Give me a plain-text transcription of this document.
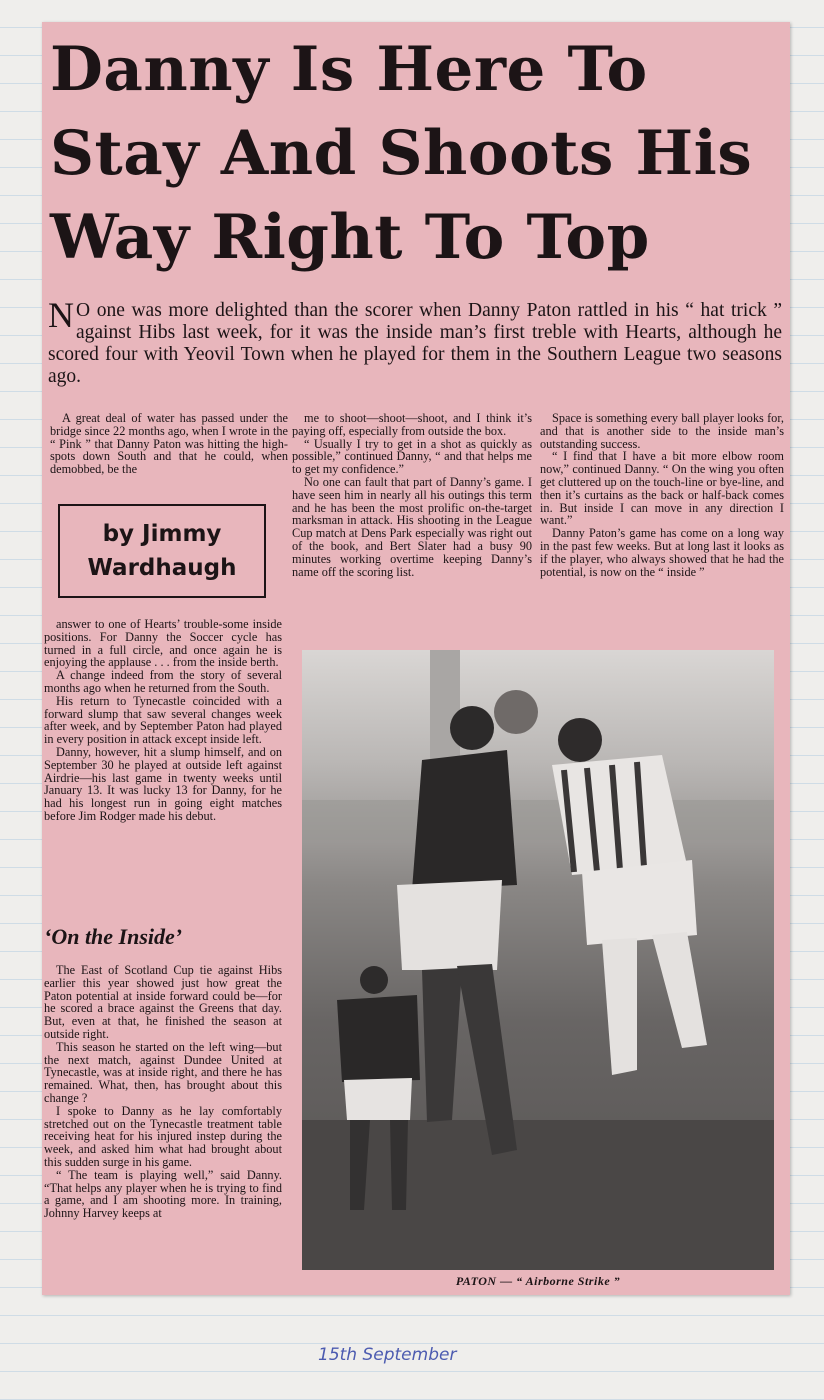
Danny Is Here To
Stay And Shoots His
Way Right To Top

N O one was more delighted than the scorer when Danny Paton rattled in his “ hat trick ” against Hibs last week, for it was the inside man’s first treble with Hearts, although he scored four with Yeovil Town when he played for them in the Southern League two seasons ago.

A great deal of water has passed under the bridge since 22 months ago, when I wrote in the “ Pink ” that Danny Paton was hitting the high-spots down South and that he could, when demobbed, be the

by Jimmy
Wardhaugh

answer to one of Hearts’ trouble-some inside positions. For Danny the Soccer cycle has turned in a full circle, and once again he is enjoying the applause . . . from the inside berth.

A change indeed from the story of several months ago when he returned from the South.

His return to Tynecastle coincided with a forward slump that saw several changes week after week, and by September Paton had played in every position in attack except inside left.

Danny, however, hit a slump himself, and on September 30 he played at outside left against Airdrie—his last game in twenty weeks until January 13. It was lucky 13 for Danny, for he had his longest run in going eight matches before Jim Rodger made his debut.

‘On the Inside’

The East of Scotland Cup tie against Hibs earlier this year showed just how great the Paton potential at inside forward could be—for he scored a brace against the Greens that day. But, even at that, he finished the season at outside right.

This season he started on the left wing—but the next match, against Dundee United at Tynecastle, was at inside right, and there he has remained. What, then, has brought about this change ?

I spoke to Danny as he lay comfortably stretched out on the Tynecastle treatment table receiving heat for his injured instep during the week, and asked him what had brought about this sudden surge in his game.

“ The team is playing well,” said Danny. “That helps any player when he is trying to find a game, and I am shooting more. In training, Johnny Harvey keeps at

me to shoot—shoot—shoot, and I think it’s paying off, especially from outside the box.

“ Usually I try to get in a shot as quickly as possible,” continued Danny, “ and that helps me to get my confidence.”

No one can fault that part of Danny’s game. I have seen him in nearly all his outings this term and he has been the most prolific on-the-target marksman in attack. His shooting in the League Cup match at Dens Park especially was right out of the book, and Bert Slater had a busy 90 minutes working overtime keeping Danny’s name off the scoring list.

Space is something every ball player looks for, and that is another side to the inside man’s outstanding success.

“ I find that I have a bit more elbow room now,” continued Danny. “ On the wing you often get cluttered up on the touch-line or bye-line, and then it’s curtains as the back or half-back comes in. But inside I can move in any direction I want.”

Danny Paton’s game has come on a long way in the past few weeks. But at long last it looks as if the player, who always showed that he had the potential, is now on the “ inside ”

PATON — “ Airborne Strike ”
15th September
